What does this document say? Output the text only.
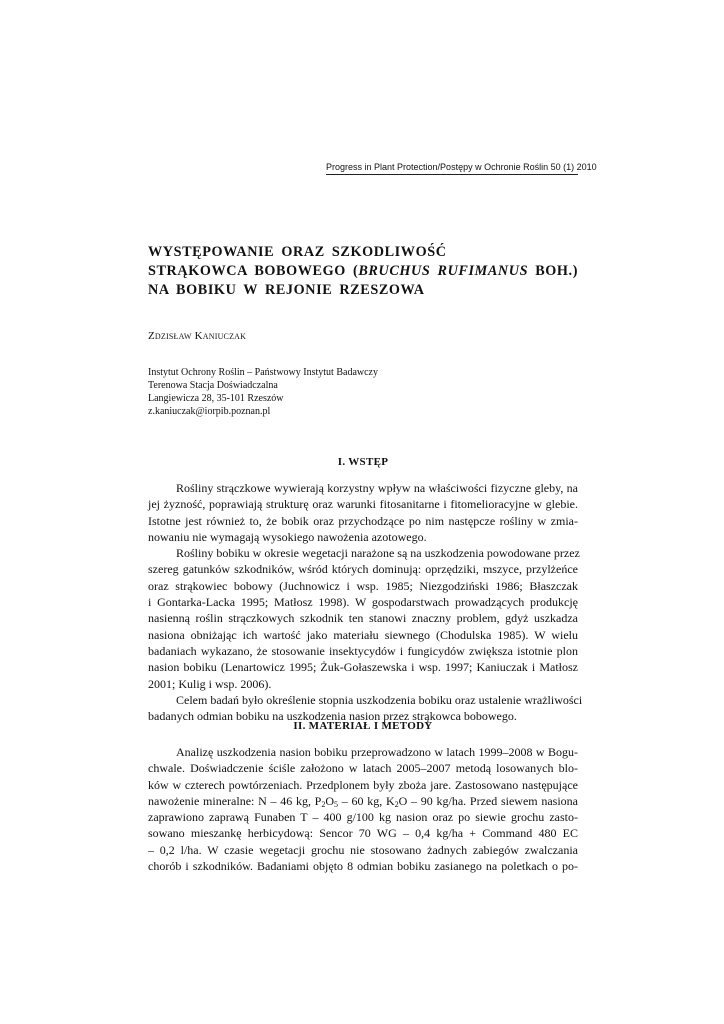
Progress in Plant Protection/Postępy w Ochronie Roślin 50 (1) 2010
WYSTĘPOWANIE ORAZ SZKODLIWOŚĆ
STRĄKOWCA BOBOWEGO (BRUCHUS RUFIMANUS BOH.)
NA BOBIKU W REJONIE RZESZOWA
Zdzisław Kaniuczak
Instytut Ochrony Roślin – Państwowy Instytut Badawczy
Terenowa Stacja Doświadczalna
Langiewicza 28, 35-101 Rzeszów
z.kaniuczak@iorpib.poznan.pl
I. WSTĘP

Rośliny strączkowe wywierają korzystny wpływ na właściwości fizyczne gleby, na
jej żyzność, poprawiają strukturę oraz warunki fitosanitarne i fitomelioracyjne w glebie.
Istotne jest również to, że bobik oraz przychodzące po nim następcze rośliny w zmia-
nowaniu nie wymagają wysokiego nawożenia azotowego.

Rośliny bobiku w okresie wegetacji narażone są na uszkodzenia powodowane przez
szereg gatunków szkodników, wśród których dominują: oprzędziki, mszyce, przylżeńce
oraz strąkowiec bobowy (Juchnowicz i wsp. 1985; Niezgodziński 1986; Błaszczak
i Gontarka-Lacka 1995; Matłosz 1998). W gospodarstwach prowadzących produkcję
nasienną roślin strączkowych szkodnik ten stanowi znaczny problem, gdyż uszkadza
nasiona obniżając ich wartość jako materiału siewnego (Chodulska 1985). W wielu
badaniach wykazano, że stosowanie insektycydów i fungicydów zwiększa istotnie plon
nasion bobiku (Lenartowicz 1995; Żuk-Gołaszewska i wsp. 1997; Kaniuczak i Matłosz
2001; Kulig i wsp. 2006).

Celem badań było określenie stopnia uszkodzenia bobiku oraz ustalenie wrażliwości
badanych odmian bobiku na uszkodzenia nasion przez strąkowca bobowego.

II. MATERIAŁ I METODY

Analizę uszkodzenia nasion bobiku przeprowadzono w latach 1999–2008 w Bogu-
chwale. Doświadczenie ściśle założono w latach 2005–2007 metodą losowanych blo-
ków w czterech powtórzeniach. Przedplonem były zboża jare. Zastosowano następujące
nawożenie mineralne: N – 46 kg, $P_2O_5 - 60$ kg, $K_2O - 90$ kg/ha. Przed siewem nasiona
zaprawiono zaprawą Funaben T – 400 g/100 kg nasion oraz po siewie grochu zasto-
sowano mieszankę herbicydową: Sencor 70 WG – 0,4 kg/ha + Command 480 EC
– 0,2 l/ha. W czasie wegetacji grochu nie stosowano żadnych zabiegów zwalczania
chorób i szkodników. Badaniami objęto 8 odmian bobiku zasianego na poletkach o po-
